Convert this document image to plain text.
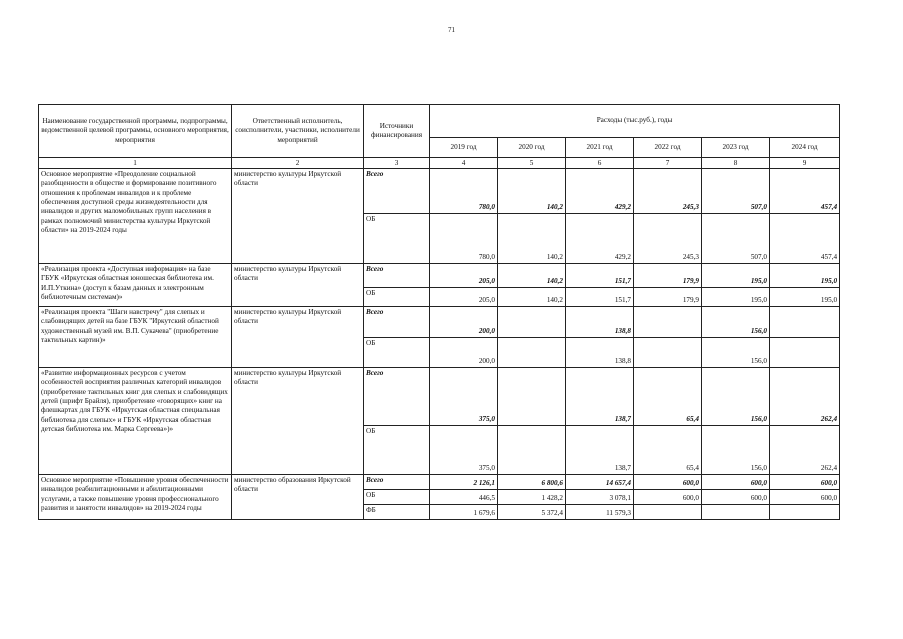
71
Наименование государственной программы, подпрограммы, ведомственной целевой программы, основного мероприятия, мероприятия	Ответственный исполнитель, соисполнители, участники, исполнители мероприятий	Источники финансирования	Расходы (тыс.руб.), годы					
			2019 год	2020 год	2021 год	2022 год	2023 год	2024 год
1	2	3	4	5	6	7	8	9
Основное мероприятие «Преодоление социальной разобщенности в обществе и формирование позитивного отношения к проблемам инвалидов и к проблеме обеспечения доступной среды жизнедеятельности для инвалидов и других маломобильных групп населения в рамках полномочий министерства культуры Иркутской области» на 2019-2024 годы	министерство культуры Иркутской области	Всего	780,0	140,2	429,2	245,3	507,0	457,4
		ОБ	780,0	140,2	429,2	245,3	507,0	457,4
«Реализация проекта «Доступная информация» на базе ГБУК «Иркутская областная юношеская библиотека им. И.П.Уткина» (доступ к базам данных и электронным библиотечным системам)»	министерство культуры Иркутской области	Всего	205,0	140,2	151,7	179,9	195,0	195,0
		ОБ	205,0	140,2	151,7	179,9	195,0	195,0
«Реализация проекта "Шаги навстречу" для слепых и слабовидящих детей на базе ГБУК "Иркутский областной художественный музей им. В.П. Сукачева" (приобретение тактильных картин)»	министерство культуры Иркутской области	Всего	200,0		138,8		156,0	
		ОБ	200,0		138,8		156,0	
«Развитие информационных ресурсов с учетом особенностей восприятия различных категорий инвалидов (приобретение тактильных книг для слепых и слабовидящих детей (шрифт Брайля), приобретение «говорящих» книг на флешкартах для ГБУК «Иркутская областная специальная библиотека для слепых» и ГБУК «Иркутская областная детская библиотека им. Марка Сергеева»)»	министерство культуры Иркутской области	Всего	375,0		138,7	65,4	156,0	262,4
		ОБ	375,0		138,7	65,4	156,0	262,4
Основное мероприятие «Повышение уровня обеспеченности инвалидов реабилитационными и абилитационными услугами, а также повышение уровня профессионального развития и занятости инвалидов» на 2019-2024 годы	министерство образования Иркутской области	Всего	2 126,1	6 800,6	14 657,4	600,0	600,0	600,0
		ОБ	446,5	1 428,2	3 078,1	600,0	600,0	600,0
		ФБ	1 679,6	5 372,4	11 579,3			
